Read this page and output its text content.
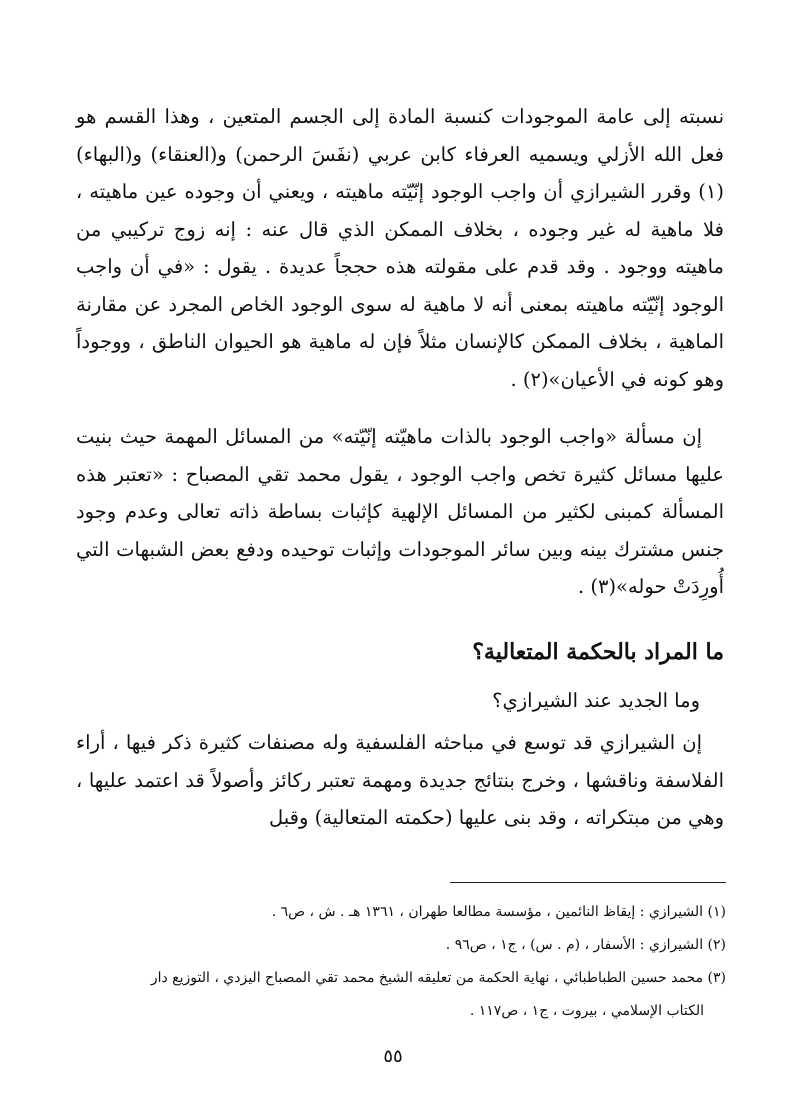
نسبته إلى عامة الموجودات كنسبة المادة إلى الجسم المتعين ، وهذا القسم هو فعل الله الأزلي ويسميه العرفاء كابن عربي (نفَسَ الرحمن) و(العنقاء) و(البهاء)(١) وقرر الشيرازي أن واجب الوجود إنّيّته ماهيته ، ويعني أن وجوده عين ماهيته ، فلا ماهية له غير وجوده ، بخلاف الممكن الذي قال عنه : إنه زوج تركيبي من ماهيته ووجود . وقد قدم على مقولته هذه حججاً عديدة . يقول : «في أن واجب الوجود إنّيّته ماهيته بمعنى أنه لا ماهية له سوى الوجود الخاص المجرد عن مقارنة الماهية ، بخلاف الممكن كالإنسان مثلاً فإن له ماهية هو الحيوان الناطق ، ووجوداً وهو كونه في الأعيان»(٢) .

إن مسألة «واجب الوجود بالذات ماهيّته إنّيّته» من المسائل المهمة حيث بنيت عليها مسائل كثيرة تخص واجب الوجود ، يقول محمد تقي المصباح : «تعتبر هذه المسألة كمبنى لكثير من المسائل الإلهية كإثبات بساطة ذاته تعالى وعدم وجود جنس مشترك بينه وبين سائر الموجودات وإثبات توحيده ودفع بعض الشبهات التي أُورِدَتْ حوله»(٣) .

ما المراد بالحكمة المتعالية؟

وما الجديد عند الشيرازي؟

إن الشيرازي قد توسع في مباحثه الفلسفية وله مصنفات كثيرة ذكر فيها ، أراء الفلاسفة وناقشها ، وخرج بنتائج جديدة ومهمة تعتبر ركائز وأصولاً قد اعتمد عليها ، وهي من مبتكراته ، وقد بنى عليها (حكمته المتعالية) وقبل

(١) الشيرازي : إيقاظ النائمين ، مؤسسة مطالعا طهران ، ١٣٦١ هـ . ش ، ص٦ .
(٢) الشيرازي : الأسفار ، (م . س) ، ج١ ، ص٩٦ .
(٣) محمد حسين الطباطبائي ، نهاية الحكمة من تعليقه الشيخ محمد تقي المصباح اليزدي ، التوزيع دار
الكتاب الإسلامي ، بيروت ، ج١ ، ص١١٧ .
٥٥
